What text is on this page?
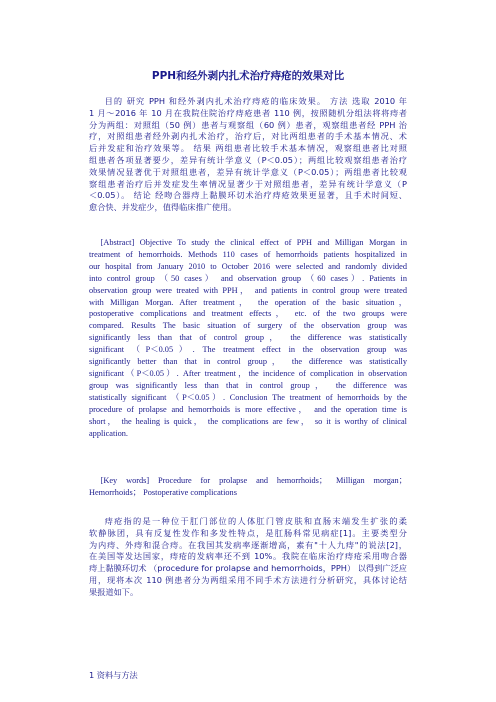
PPH和经外剥内扎术治疗痔疮的效果对比
目的 研究 PPH 和经外剥内扎术治疗痔疮的临床效果。 方法 选取 2010 年
1 月～2016 年 10 月在我院住院治疗痔疮患者 110 例，按照随机分组法将将痔者
分为两组：对照组（50 例）患者与观察组（60 例）患者，观察组患者经 PPH 治
疗，对照组患者经外剥内扎术治疗，治疗后，对比两组患者的手术基本情况、术
后并发症和治疗效果等。 结果 两组患者比较手术基本情况，观察组患者比对照
组患者各项显著要少，差异有统计学意义（P＜0.05）；两组比较观察组患者治疗
效果情况显著优于对照组患者，差异有统计学意义（P＜0.05）；两组患者比较观
察组患者治疗后并发症发生率情况显著少于对照组患者，差异有统计学意义（P
＜0.05）。 结论 经吻合器痔上黏膜环切术治疗痔疮效果更显著，且手术时间短、
愈合快、并发症少，值得临床推广使用。
[Abstract] Objective To study the clinical effect of PPH and Milligan Morgan in
treatment of hemorrhoids. Methods 110 cases of hemorrhoids patients hospitalized in
our hospital from January 2010 to October 2016 were selected and randomly divided
into control group （50 cases） and observation group （60 cases）. Patients in
observation group were treated with PPH， and patients in control group were treated
with Milligan Morgan. After treatment， the operation of the basic situation，
postoperative complications and treatment effects， etc. of the two groups were
compared. Results The basic situation of surgery of the observation group was
significantly less than that of control group， the difference was statistically
significant （P＜0.05）. The treatment effect in the observation group was
significantly better than that in control group， the difference was statistically
significant（P＜0.05）. After treatment，the incidence of complication in observation
group was significantly less than that in control group， the difference was
statistically significant （P＜0.05）. Conclusion The treatment of hemorrhoids by the
procedure of prolapse and hemorrhoids is more effective， and the operation time is
short， the healing is quick， the complications are few， so it is worthy of clinical
application.
[Key words] Procedure for prolapse and hemorrhoids； Milligan morgan；
Hemorrhoids； Postoperative complications
痔疮指的是一种位于肛门部位的人体肛门管皮肤和直肠末端发生扩张的柔
软静脉团，具有反复性发作和多发性特点，是肛肠科常见病症[1]。主要类型分
为内痔、外痔和混合痔。在我国其发病率逐渐增高，素有"十人九痔"的说法[2]，
在美国等发达国家，痔疮的发病率还不到 10%。我院在临床治疗痔疮采用吻合器
痔上黏膜环切术 （procedure for prolapse and hemorrhoids，PPH） 以得到广泛应
用，现将本次 110 例患者分为两组采用不同手术方法进行分析研究，具体讨论结
果报道如下。
1 资料与方法
